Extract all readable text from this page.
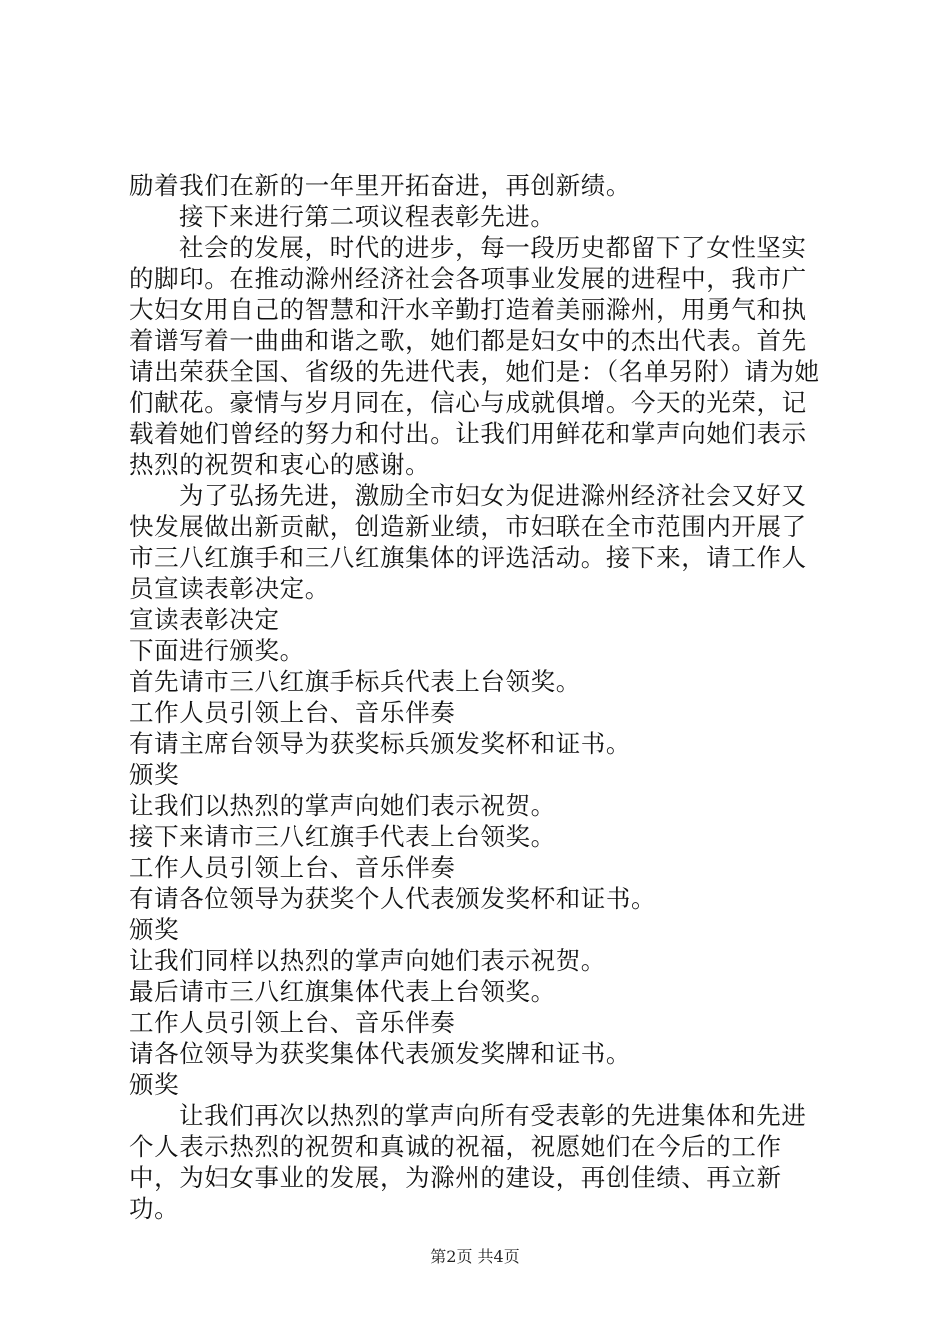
励着我们在新的一年里开拓奋进，再创新绩。

接下来进行第二项议程表彰先进。

社会的发展，时代的进步，每一段历史都留下了女性坚实的脚印。在推动滁州经济社会各项事业发展的进程中，我市广大妇女用自己的智慧和汗水辛勤打造着美丽滁州，用勇气和执着谱写着一曲曲和谐之歌，她们都是妇女中的杰出代表。首先请出荣获全国、省级的先进代表，她们是：（名单另附）请为她们献花。豪情与岁月同在，信心与成就俱增。今天的光荣，记载着她们曾经的努力和付出。让我们用鲜花和掌声向她们表示热烈的祝贺和衷心的感谢。

为了弘扬先进，激励全市妇女为促进滁州经济社会又好又快发展做出新贡献，创造新业绩，市妇联在全市范围内开展了市三八红旗手和三八红旗集体的评选活动。接下来，请工作人员宣读表彰决定。

宣读表彰决定

下面进行颁奖。

首先请市三八红旗手标兵代表上台领奖。

工作人员引领上台、音乐伴奏

有请主席台领导为获奖标兵颁发奖杯和证书。

颁奖

让我们以热烈的掌声向她们表示祝贺。

接下来请市三八红旗手代表上台领奖。

工作人员引领上台、音乐伴奏

有请各位领导为获奖个人代表颁发奖杯和证书。

颁奖

让我们同样以热烈的掌声向她们表示祝贺。

最后请市三八红旗集体代表上台领奖。

工作人员引领上台、音乐伴奏

请各位领导为获奖集体代表颁发奖牌和证书。

颁奖

让我们再次以热烈的掌声向所有受表彰的先进集体和先进个人表示热烈的祝贺和真诚的祝福，祝愿她们在今后的工作中，为妇女事业的发展，为滁州的建设，再创佳绩、再立新功。

第2页 共4页
